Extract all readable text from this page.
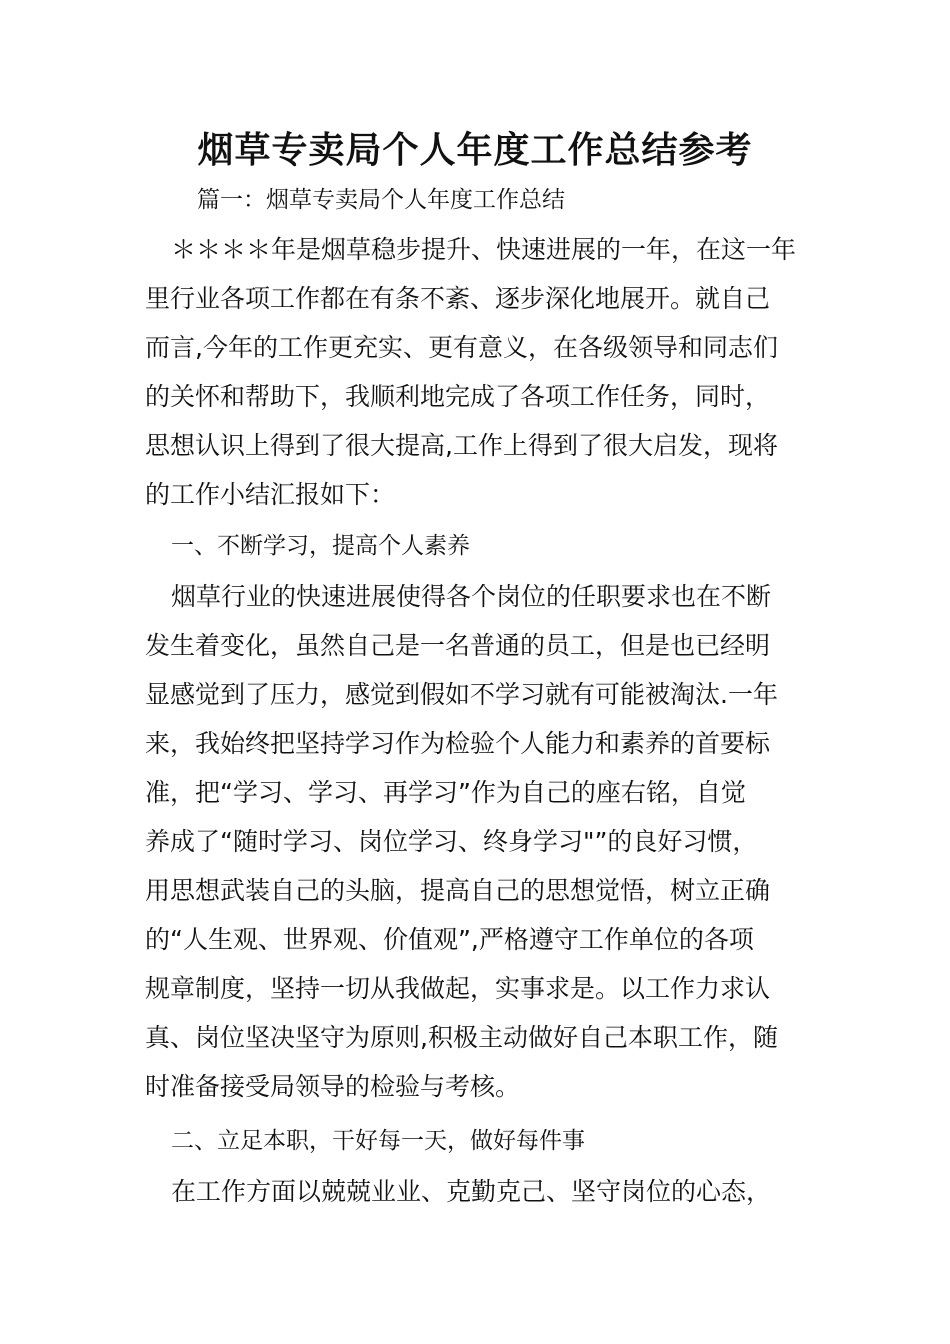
烟草专卖局个人年度工作总结参考
篇一：烟草专卖局个人年度工作总结
＊＊＊＊年是烟草稳步提升、快速进展的一年，在这一年
里行业各项工作都在有条不紊、逐步深化地展开。就自己
而言,今年的工作更充实、更有意义，在各级领导和同志们
的关怀和帮助下，我顺利地完成了各项工作任务，同时，
思想认识上得到了很大提高,工作上得到了很大启发，现将
的工作小结汇报如下：
一、不断学习，提高个人素养
烟草行业的快速进展使得各个岗位的任职要求也在不断
发生着变化，虽然自己是一名普通的员工，但是也已经明
显感觉到了压力，感觉到假如不学习就有可能被淘汰.一年
来，我始终把坚持学习作为检验个人能力和素养的首要标
准，把“学习、学习、再学习”作为自己的座右铭，自觉
养成了“随时学习、岗位学习、终身学习"”的良好习惯，
用思想武装自己的头脑，提高自己的思想觉悟，树立正确
的“人生观、世界观、价值观”,严格遵守工作单位的各项
规章制度，坚持一切从我做起，实事求是。以工作力求认
真、岗位坚决坚守为原则,积极主动做好自己本职工作，随
时准备接受局领导的检验与考核。
二、立足本职，干好每一天，做好每件事
在工作方面以兢兢业业、克勤克己、坚守岗位的心态，
